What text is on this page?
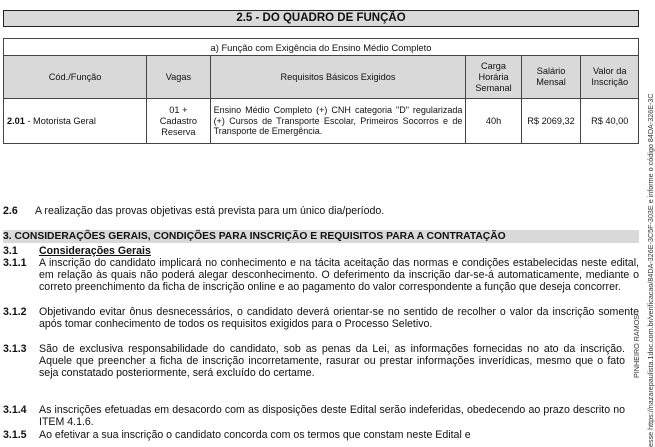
2.5 - DO QUADRO DE FUNÇÃO
a) Função com Exigência do Ensino Médio Completo					
Cód./Função	Vagas	Requisitos Básicos Exigidos	Carga Horária Semanal	Salário Mensal	Valor da Inscrição
2.01 - Motorista Geral	01 + Cadastro Reserva	Ensino Médio Completo (+) CNH categoria "D" regularizada (+) Cursos de Transporte Escolar, Primeiros Socorros e de Transporte de Emergência.	40h	R$ 2069,32	R$ 40,00
2.6 A realização das provas objetivas está prevista para um único dia/período.
3. CONSIDERAÇÕES GERAIS, CONDIÇÕES PARA INSCRIÇÃO E REQUISITOS PARA A CONTRATAÇÃO
3.1 Considerações Gerais
3.1.1 A inscrição do candidato implicará no conhecimento e na tácita aceitação das normas e condições estabelecidas neste edital, em relação às quais não poderá alegar desconhecimento. O deferimento da inscrição dar-se-á automaticamente, mediante o correto preenchimento da ficha de inscrição online e ao pagamento do valor correspondente a função que deseja concorrer.
3.1.2 Objetivando evitar ônus desnecessários, o candidato deverá orientar-se no sentido de recolher o valor da inscrição somente após tomar conhecimento de todos os requisitos exigidos para o Processo Seletivo.
3.1.3 São de exclusiva responsabilidade do candidato, sob as penas da Lei, as informações fornecidas no ato da inscrição. Aquele que preencher a ficha de inscrição incorretamente, rasurar ou prestar informações inverídicas, mesmo que o fato seja constatado posteriormente, será excluído do certame.
3.1.4 As inscrições efetuadas em desacordo com as disposições deste Edital serão indeferidas, obedecendo ao prazo descrito no ITEM 4.1.6.
3.1.5 Ao efetivar a sua inscrição o candidato concorda com os termos que constam neste Edital e	esse https://nazarepaulista.1doc.com.br/verificacao/84DA-326E-3C5F-303E e informe o código 84DA-326E-3C
PINHEIRO RAMOS
